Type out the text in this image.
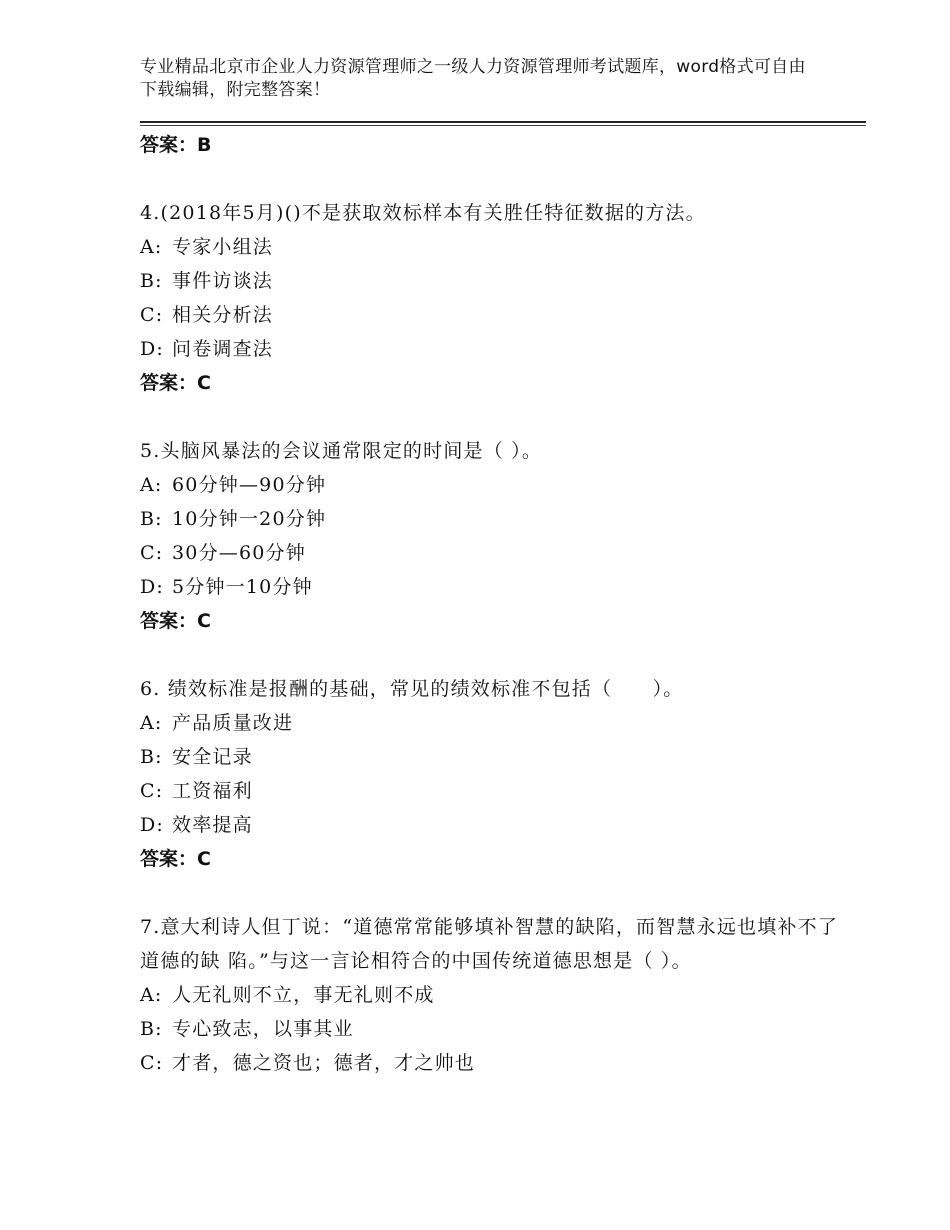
专业精品北京市企业人力资源管理师之一级人力资源管理师考试题库，word格式可自由下载编辑，附完整答案！
答案：B
4.(2018年5月)()不是获取效标样本有关胜任特征数据的方法。
A: 专家小组法
B: 事件访谈法
C: 相关分析法
D: 问卷调查法
答案：C
5.头脑风暴法的会议通常限定的时间是（ ）。
A: 60分钟—90分钟
B: 10分钟一20分钟
C: 30分—60分钟
D: 5分钟一10分钟
答案：C
6. 绩效标准是报酬的基础，常见的绩效标准不包括（　　）。
A: 产品质量改进
B: 安全记录
C: 工资福利
D: 效率提高
答案：C
7.意大利诗人但丁说：“道德常常能够填补智慧的缺陷，而智慧永远也填补不了道德的缺 陷。”与这一言论相符合的中国传统道德思想是（ ）。
A: 人无礼则不立，事无礼则不成
B: 专心致志，以事其业
C: 才者，德之资也；德者，才之帅也
